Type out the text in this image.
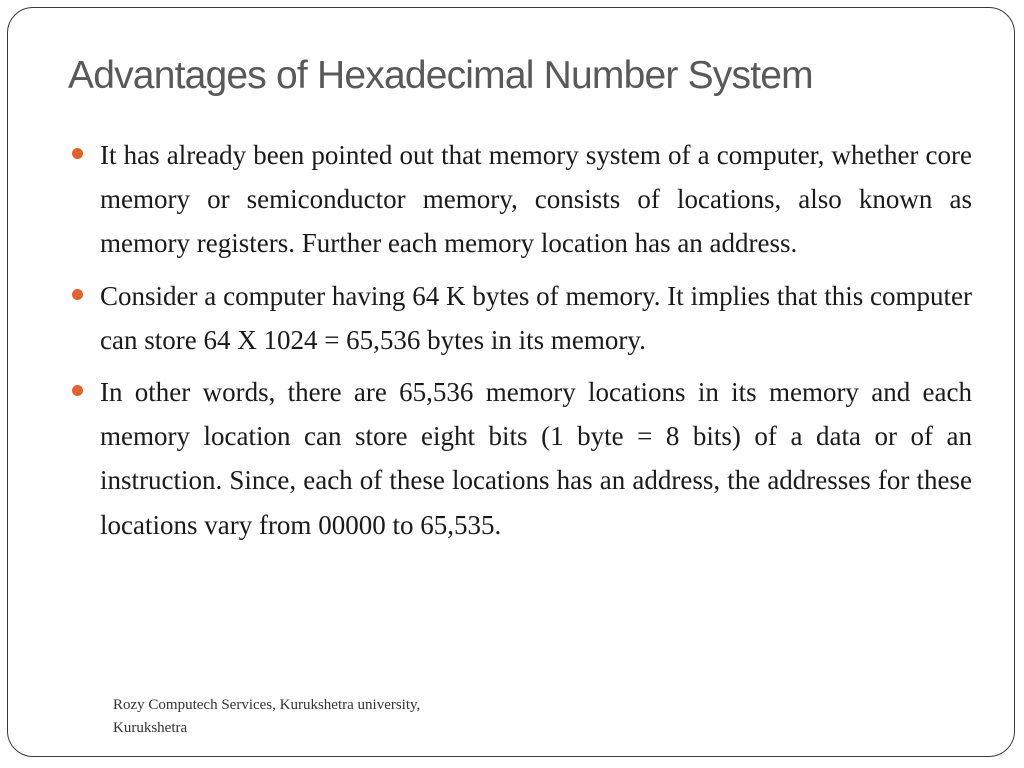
Advantages of Hexadecimal Number System
It has already been pointed out that memory system of a computer, whether core memory or semiconductor memory, consists of locations, also known as memory registers. Further each memory location has an address.
Consider a computer having 64 K bytes of memory. It implies that this computer can store 64 X 1024 = 65,536 bytes in its memory.
In other words, there are 65,536 memory locations in its memory and each memory location can store eight bits (1 byte = 8 bits) of a data or of an instruction. Since, each of these locations has an address, the addresses for these locations vary from 00000 to 65,535.
Rozy Computech Services, Kurukshetra university,
Kurukshetra
